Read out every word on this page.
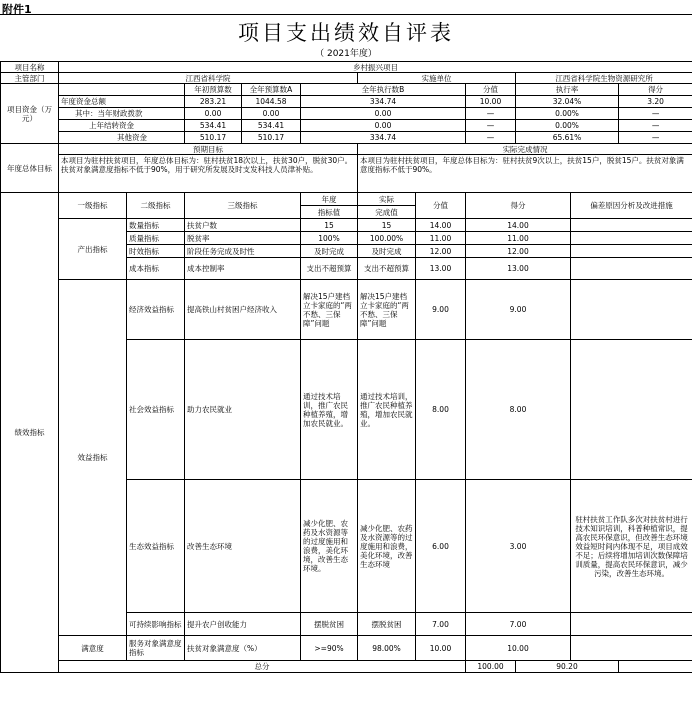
附件1
项目支出绩效自评表
（ 2021年度）
项目名称	乡村振兴项目										
主管部门	江西省科学院					实施单位			江西省科学院生物资源研究所		
项目资金（万元）			年初预算数	全年预算数A	全年执行数B			分值	执行率		得分
	年度资金总额		283.21	1044.58	334.74			10.00	32.04%		3.20
	其中：当年财政拨款		0.00	0.00	0.00			—	0.00%		—
	上年结转资金		534.41	534.41	0.00			—	0.00%		—
	其他资金		510.17	510.17	334.74			—	65.61%		—
年度总体目标	预期目标					实际完成情况					
	本项目为驻村扶贫项目，年度总体目标为：驻村扶贫18次以上，扶贫30户，脱贫30户。扶贫对象满意度指标不低于90%，用于研究所发展及时支发科技人员津补贴。					本项目为驻村扶贫项目，年度总体目标为：驻村扶贫9次以上，扶贫15户，脱贫15户。扶贫对象满意度指标不低于90%。					
绩效指标	一级指标	二级指标	三级指标		年度	实际	分值	得分		偏差原因分析及改进措施	
					指标值	完成值					
	产出指标	数量指标	扶贫户数		15	15	14.00	14.00			
		质量指标	脱贫率		100%	100.00%	11.00	11.00			
		时效指标	阶段任务完成及时性		及时完成	及时完成	12.00	12.00			
		成本指标	成本控制率		支出不超预算	支出不超预算	13.00	13.00			
	效益指标	经济效益指标	提高铁山村贫困户经济收入		解决15户建档立卡家庭的“两不愁、三保障”问题	解决15户建档立卡家庭的“两不愁、三保障”问题	9.00	9.00			
		社会效益指标	助力农民就业		通过技术培训，推广农民种植养殖，增加农民就业。	通过技术培训，推广农民种植养殖，增加农民就业。	8.00	8.00			
		生态效益指标	改善生态环境		减少化肥、农药及水资源等的过度施用和浪费，美化环境，改善生态环境。	减少化肥、农药及水资源等的过度施用和浪费，美化环境，改善生态环境	6.00	3.00		驻村扶贫工作队多次对扶贫村进行技术知识培训，科普种植常识，提高农民环保意识，但改善生态环境效益短时间内体现不足，项目成效不足；后续将增加培训次数保障培训质量，提高农民环保意识，减少污染，改善生态环境。	
		可持续影响指标	提升农户创收能力		摆脱贫困	摆脱贫困	7.00	7.00			
	满意度	服务对象满意度指标	扶贫对象满意度（%）		>=90%	98.00%	10.00	10.00			
	总分							100.00	90.20		
